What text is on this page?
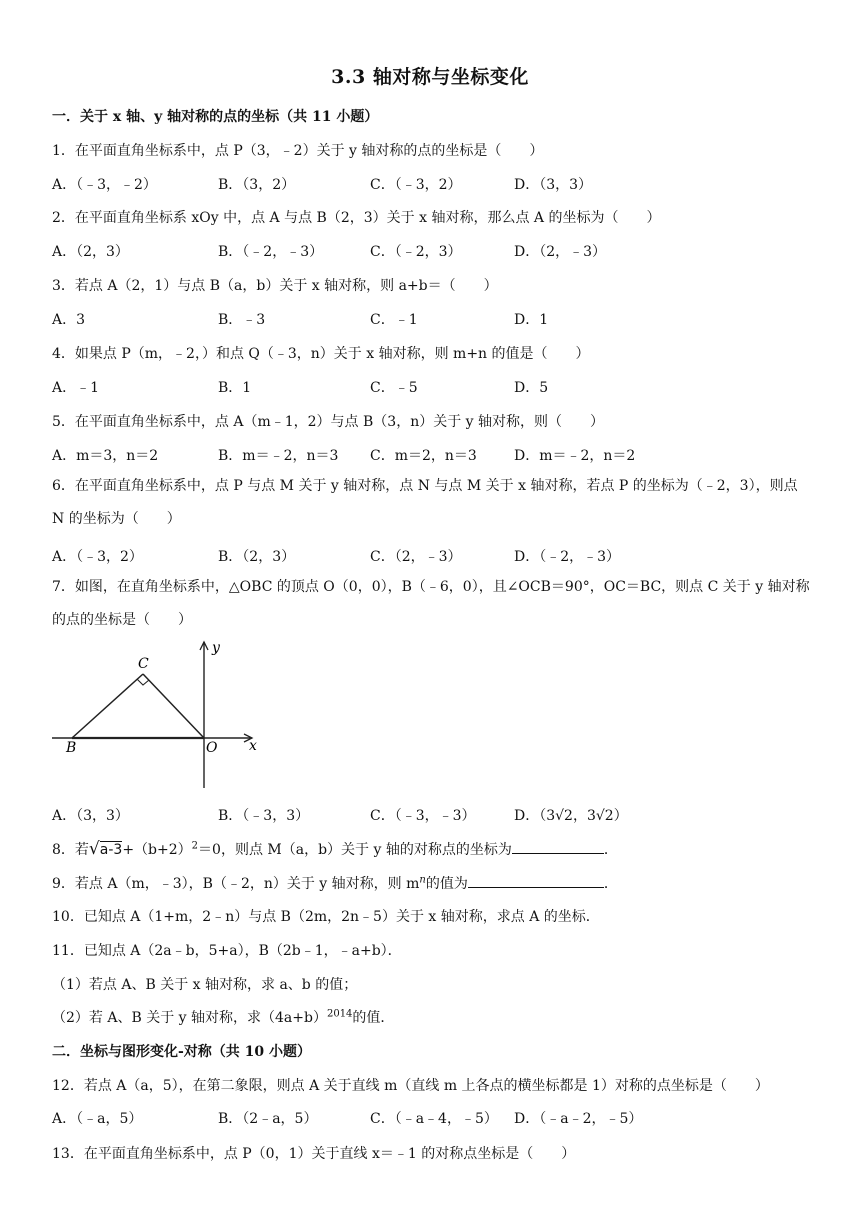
3.3 轴对称与坐标变化
一．关于 x 轴、y 轴对称的点的坐标（共 11 小题）
1．在平面直角坐标系中，点 P（3，﹣2）关于 y 轴对称的点的坐标是（　　）
A．（﹣3，﹣2）	B．（3，2）	C．（﹣3，2）	D．（3，3）
2．在平面直角坐标系 xOy 中，点 A 与点 B（2，3）关于 x 轴对称，那么点 A 的坐标为（　　）
A．（2，3）	B．（﹣2，﹣3）	C．（﹣2，3）	D．（2，﹣3）
3．若点 A（2，1）与点 B（a，b）关于 x 轴对称，则 a+b＝（　　）
A．3	B．﹣3	C．﹣1	D．1
4．如果点 P（m，﹣2，）和点 Q（﹣3，n）关于 x 轴对称，则 m+n 的值是（　　）
A．﹣1	B．1	C．﹣5	D．5
5．在平面直角坐标系中，点 A（m﹣1，2）与点 B（3，n）关于 y 轴对称，则（　　）
A．m＝3，n＝2	B．m＝﹣2，n＝3 C．m＝2，n＝3	D．m＝﹣2，n＝2
6．在平面直角坐标系中，点 P 与点 M 关于 y 轴对称，点 N 与点 M 关于 x 轴对称，若点 P 的坐标为（﹣2，3），则点 N 的坐标为（　　）
A．（﹣3，2）	B．（2，3）	C．（2，﹣3）	D．（﹣2，﹣3）
7．如图，在直角坐标系中，△OBC 的顶点 O（0，0），B（﹣6，0），且∠OCB＝90°，OC＝BC，则点 C 关于 y 轴对称的点的坐标是（　　）
C
B	O x
y
A．（3，3）	B．（﹣3，3）	C．（﹣3，﹣3）	D．（3√2，3√2）
8．若$√a-3+(b+2)^2=0$，则点 M（a，b）关于 y 轴的对称点的坐标为	．
9．若点 A（m，﹣3），B（﹣2，n）关于 y 轴对称，则 $m^n$的值为	．
10．已知点 A（1+m，2﹣n）与点 B（2m，2n﹣5）关于 x 轴对称，求点 A 的坐标．
11．已知点 A（2a﹣b，5+a），B（2b﹣1，﹣a+b）．
（1）若点 A、B 关于 x 轴对称，求 a、b 的值；
（2）若 A、B 关于 y 轴对称，求$(4a+b)^{2014}$的值．
二．坐标与图形变化-对称（共 10 小题）
12．若点 A（a，5），在第二象限，则点 A 关于直线 m（直线 m 上各点的横坐标都是 1）对称的点坐标是（　　）
A．（﹣a，5）	B．（2﹣a，5）	C．（﹣a﹣4，﹣5） D．（﹣a﹣2，﹣5）
13．在平面直角坐标系中，点 P（0，1）关于直线 x＝﹣1 的对称点坐标是（　　）
